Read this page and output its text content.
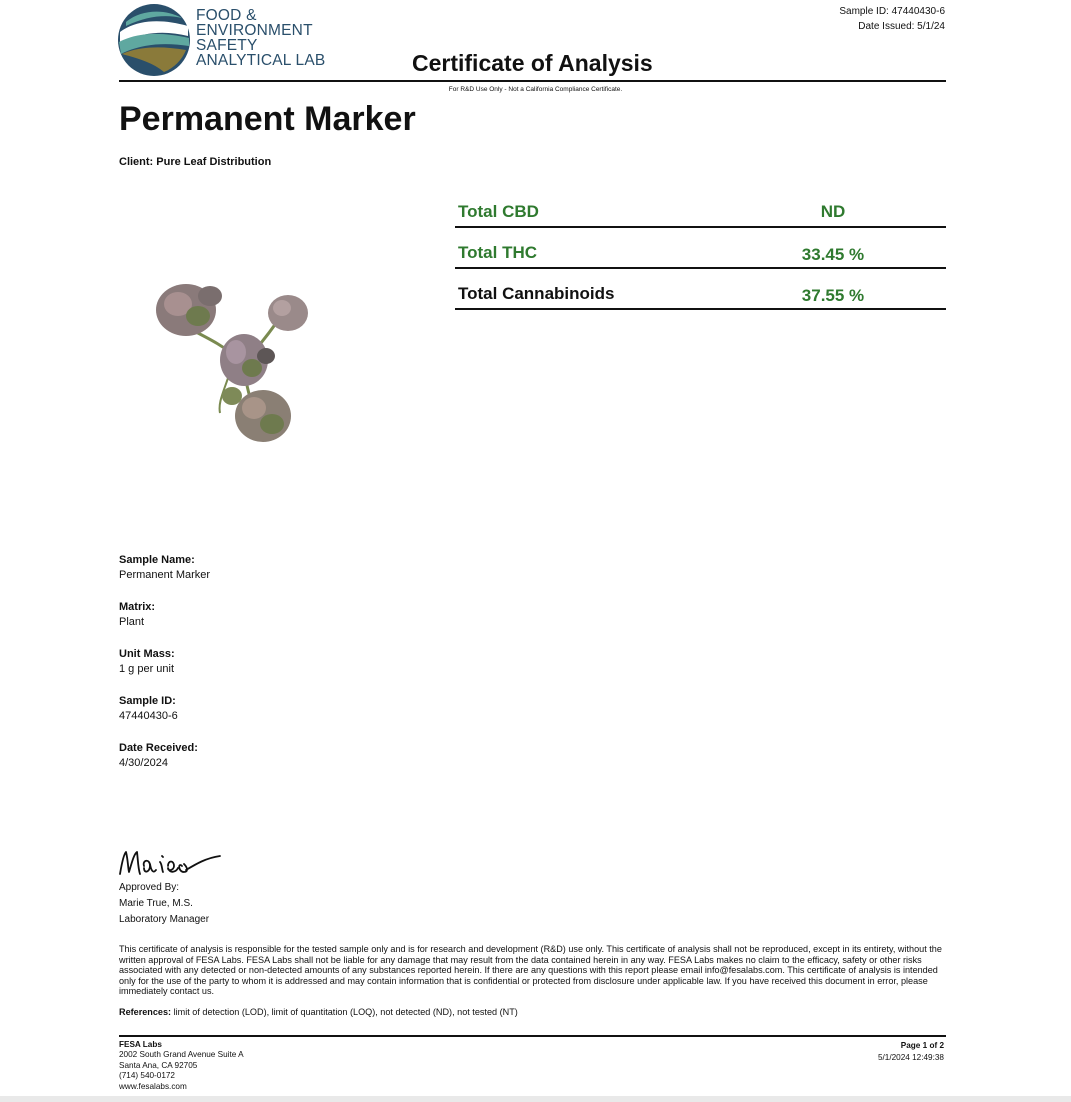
FOOD &
ENVIRONMENT
SAFETY
ANALYTICAL LAB
Sample ID: 47440430-6
Date Issued: 5/1/24
Certificate of Analysis
For R&D Use Only - Not a California Compliance Certificate.
Permanent Marker
Client: Pure Leaf Distribution
Total CBD	ND
Total THC	33.45 %
Total Cannabinoids	37.55 %
Sample Name:
Permanent Marker
Matrix:
Plant
Unit Mass:
1 g per unit
Sample ID:
47440430-6
Date Received:
4/30/2024
Approved By:
Marie True, M.S.
Laboratory Manager
This certificate of analysis is responsible for the tested sample only and is for research and development (R&D) use only. This certificate of analysis shall not be reproduced, except in its entirety, without the written approval of FESA Labs. FESA Labs shall not be liable for any damage that may result from the data contained herein in any way. FESA Labs makes no claim to the efficacy, safety or other risks associated with any detected or non-detected amounts of any substances reported herein. If there are any questions with this report please email info@fesalabs.com. This certificate of analysis is intended only for the use of the party to whom it is addressed and may contain information that is confidential or protected from disclosure under applicable law. If you have received this document in error, please immediately contact us.
References: limit of detection (LOD), limit of quantitation (LOQ), not detected (ND), not tested (NT)
FESA Labs
2002 South Grand Avenue Suite A
Santa Ana, CA 92705
(714) 540-0172
www.fesalabs.com
Page 1 of 2
5/1/2024 12:49:38
